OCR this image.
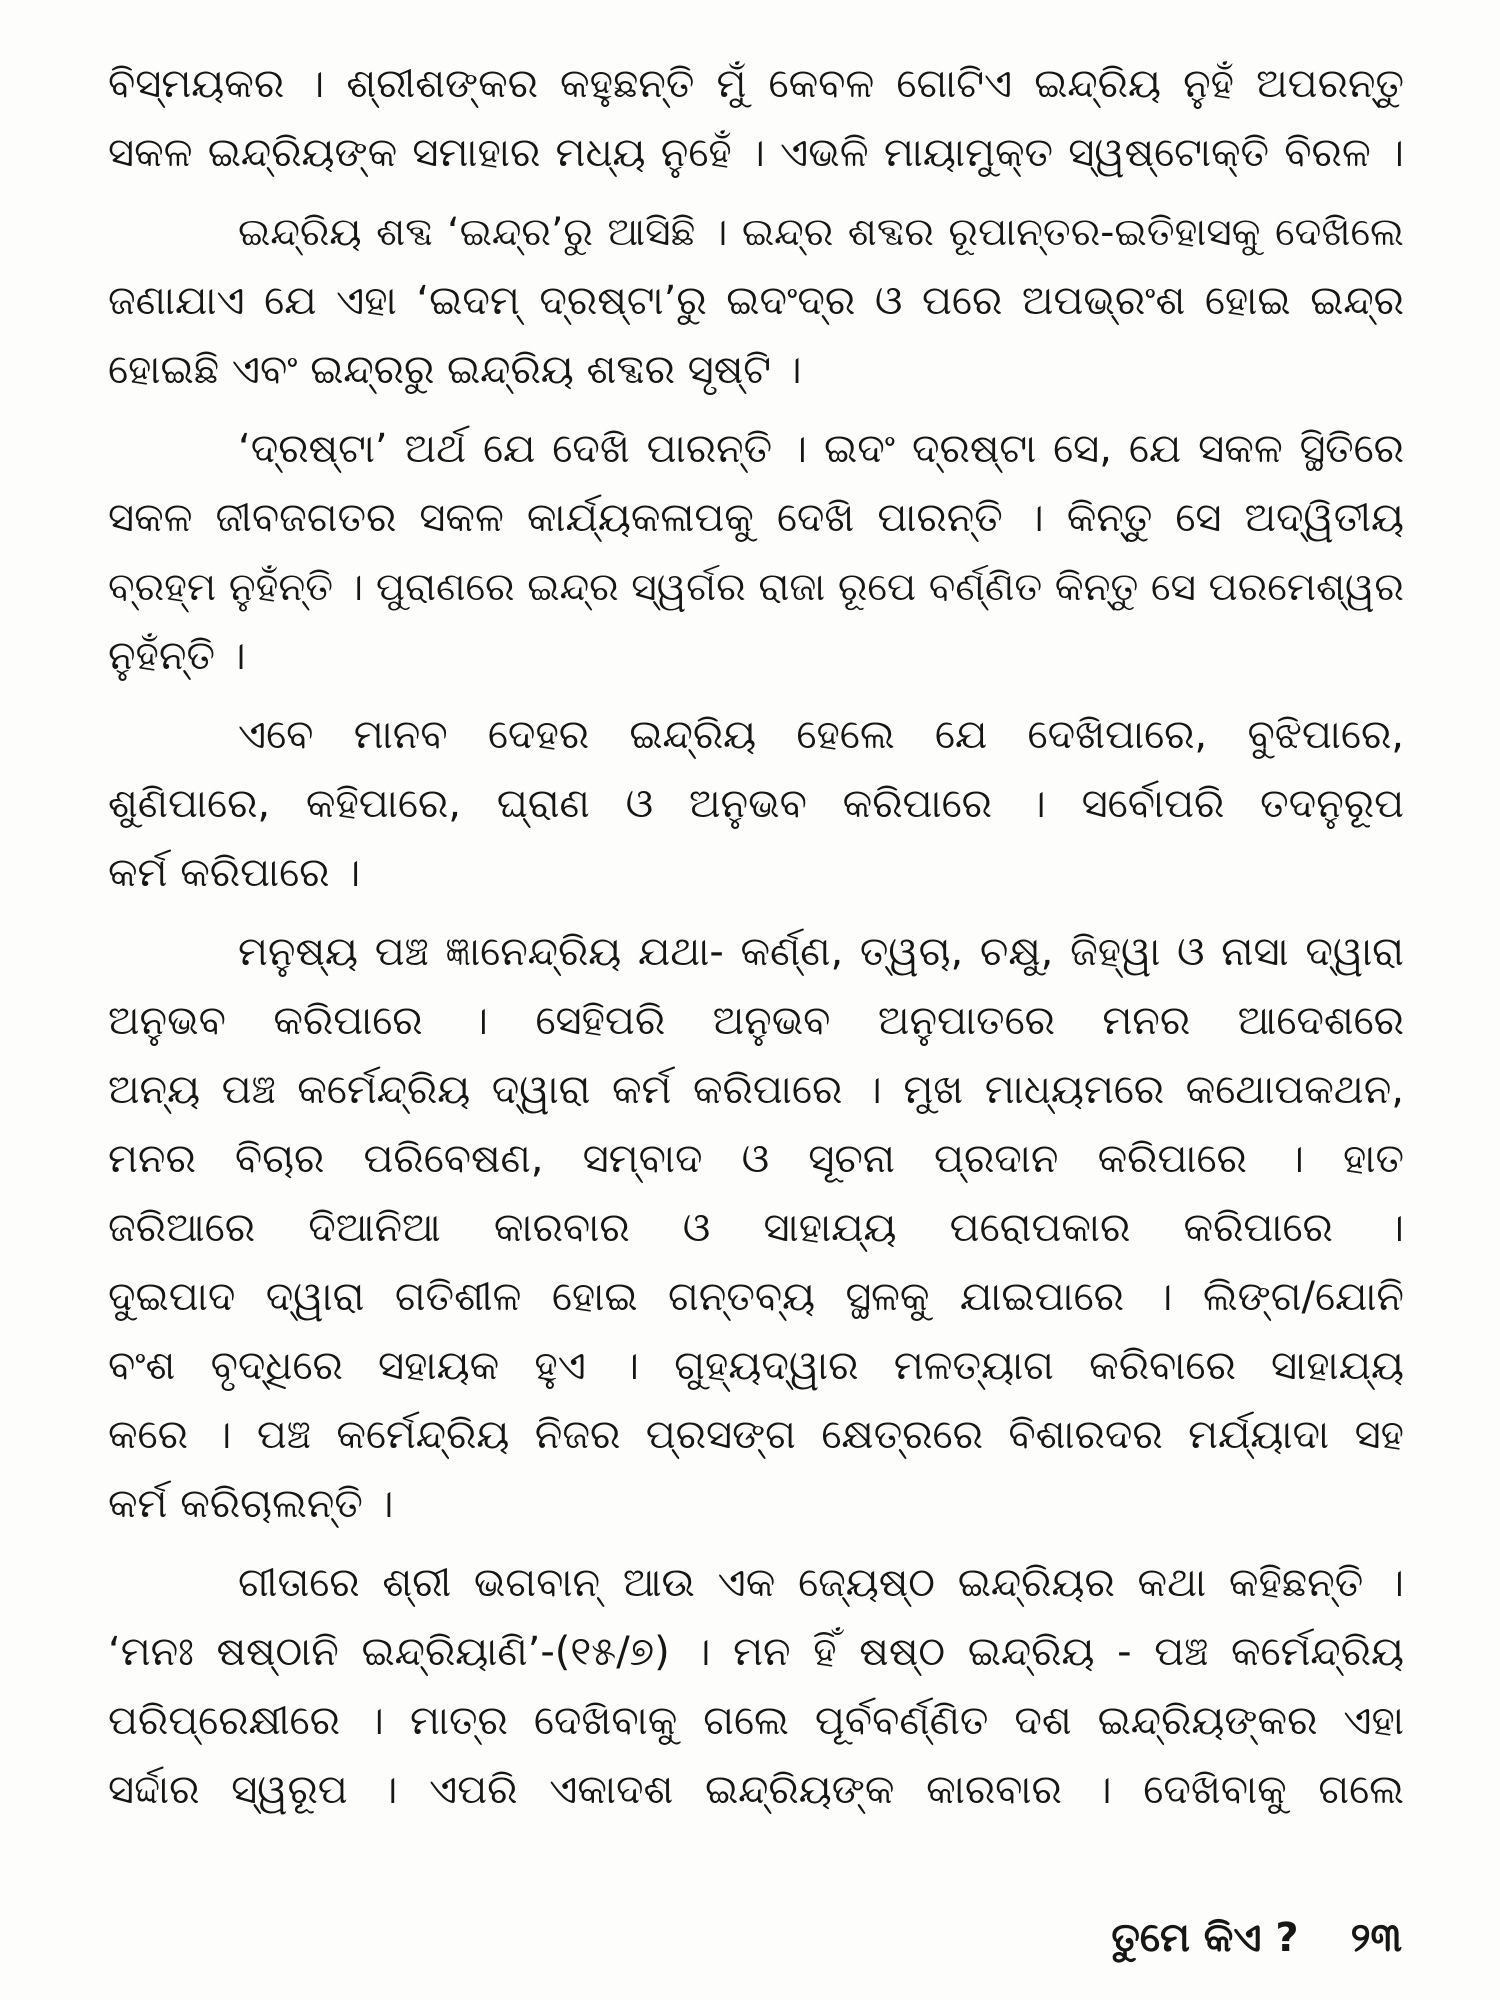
ବିସ୍ମୟକର । ଶ୍ରୀଶଙ୍କର କହୁଛନ୍ତି ମୁଁ କେବଳ ଗୋଟିଏ ଇନ୍ଦ୍ରିୟ ନୁହଁ ଅପରନ୍ତୁ
ସକଳ ଇନ୍ଦ୍ରିୟଙ୍କ ସମାହାର ମଧ୍ୟ ନୁହେଁ । ଏଭଳି ମାୟାମୁକ୍ତ ସ୍ୱଷ୍ଟୋକ୍ତି ବିରଳ ।
ଇନ୍ଦ୍ରିୟ ଶବ୍ଦ ‘ଇନ୍ଦ୍ର’ରୁ ଆସିଛି । ଇନ୍ଦ୍ର ଶବ୍ଦର ରୂପାନ୍ତର-ଇତିହାସକୁ ଦେଖିଲେ
ଜଣାଯାଏ ଯେ ଏହା ‘ଇଦମ୍ ଦ୍ରଷ୍ଟା’ରୁ ଇଦଂଦ୍ର ଓ ପରେ ଅପଭ୍ରଂଶ ହୋଇ ଇନ୍ଦ୍ର
ହୋଇଛି ଏବଂ ଇନ୍ଦ୍ରରୁ ଇନ୍ଦ୍ରିୟ ଶବ୍ଦର ସୃଷ୍ଟି ।
‘ଦ୍ରଷ୍ଟା’ ଅର୍ଥ ଯେ ଦେଖି ପାରନ୍ତି । ଇଦଂ ଦ୍ରଷ୍ଟା ସେ, ଯେ ସକଳ ସ୍ଥିତିରେ
ସକଳ ଜୀବଜଗତର ସକଳ କାର୍ଯ୍ୟକଳାପକୁ ଦେଖି ପାରନ୍ତି । କିନ୍ତୁ ସେ ଅଦ୍ୱିତୀୟ
ବ୍ରହ୍ମ ନୁହଁନ୍ତି । ପୁରାଣରେ ଇନ୍ଦ୍ର ସ୍ୱର୍ଗର ରାଜା ରୂପେ ବର୍ଣ୍ଣିତ କିନ୍ତୁ ସେ ପରମେଶ୍ୱର
ନୁହଁନ୍ତି ।
ଏବେ ମାନବ ଦେହର ଇନ୍ଦ୍ରିୟ ହେଲେ ଯେ ଦେଖିପାରେ, ବୁଝିପାରେ,
ଶୁଣିପାରେ, କହିପାରେ, ଘ୍ରାଣ ଓ ଅନୁଭବ କରିପାରେ । ସର୍ବୋପରି ତଦନୁରୂପ
କର୍ମ କରିପାରେ ।
ମନୁଷ୍ୟ ପଞ୍ଚ ଜ୍ଞାନେନ୍ଦ୍ରିୟ ଯଥା- କର୍ଣ୍ଣ, ତ୍ୱଚା, ଚକ୍ଷୁ, ଜିହ୍ୱା ଓ ନାସା ଦ୍ୱାରା
ଅନୁଭବ କରିପାରେ । ସେହିପରି ଅନୁଭବ ଅନୁପାତରେ ମନର ଆଦେଶରେ
ଅନ୍ୟ ପଞ୍ଚ କର୍ମେନ୍ଦ୍ରିୟ ଦ୍ୱାରା କର୍ମ କରିପାରେ । ମୁଖ ମାଧ୍ୟମରେ କଥୋପକଥନ,
ମନର ବିଚାର ପରିବେଷଣ, ସମ୍ବାଦ ଓ ସୂଚନା ପ୍ରଦାନ କରିପାରେ । ହାତ
ଜରିଆରେ ଦିଆନିଆ କାରବାର ଓ ସାହାଯ୍ୟ ପରୋପକାର କରିପାରେ ।
ଦୁଇପାଦ ଦ୍ୱାରା ଗତିଶୀଳ ହୋଇ ଗନ୍ତବ୍ୟ ସ୍ଥଳକୁ ଯାଇପାରେ । ଲିଙ୍ଗ/ଯୋନି
ବଂଶ ବୃଦ୍ଧିରେ ସହାୟକ ହୁଏ । ଗୁହ୍ୟଦ୍ୱାର ମଳତ୍ୟାଗ କରିବାରେ ସାହାଯ୍ୟ
କରେ । ପଞ୍ଚ କର୍ମେନ୍ଦ୍ରିୟ ନିଜର ପ୍ରସଙ୍ଗ କ୍ଷେତ୍ରରେ ବିଶାରଦର ମର୍ଯ୍ୟାଦା ସହ
କର୍ମ କରିଚାଲନ୍ତି ।
ଗୀତାରେ ଶ୍ରୀ ଭଗବାନ୍ ଆଉ ଏକ ଜ୍ୟେଷ୍ଠ ଇନ୍ଦ୍ରିୟର କଥା କହିଛନ୍ତି ।
‘ମନଃ ଷଷ୍ଠାନି ଇନ୍ଦ୍ରିୟାଣି’-(୧୫/୭) । ମନ ହିଁ ଷଷ୍ଠ ଇନ୍ଦ୍ରିୟ - ପଞ୍ଚ କର୍ମେନ୍ଦ୍ରିୟ
ପରିପ୍ରେକ୍ଷୀରେ । ମାତ୍ର ଦେଖିବାକୁ ଗଲେ ପୂର୍ବବର୍ଣ୍ଣିତ ଦଶ ଇନ୍ଦ୍ରିୟଙ୍କର ଏହା
ସର୍ଦ୍ଦାର ସ୍ୱରୂପ । ଏପରି ଏକାଦଶ ଇନ୍ଦ୍ରିୟଙ୍କ କାରବାର । ଦେଖିବାକୁ ଗଲେ
ତୁମେ କିଏ ? ୨୩
